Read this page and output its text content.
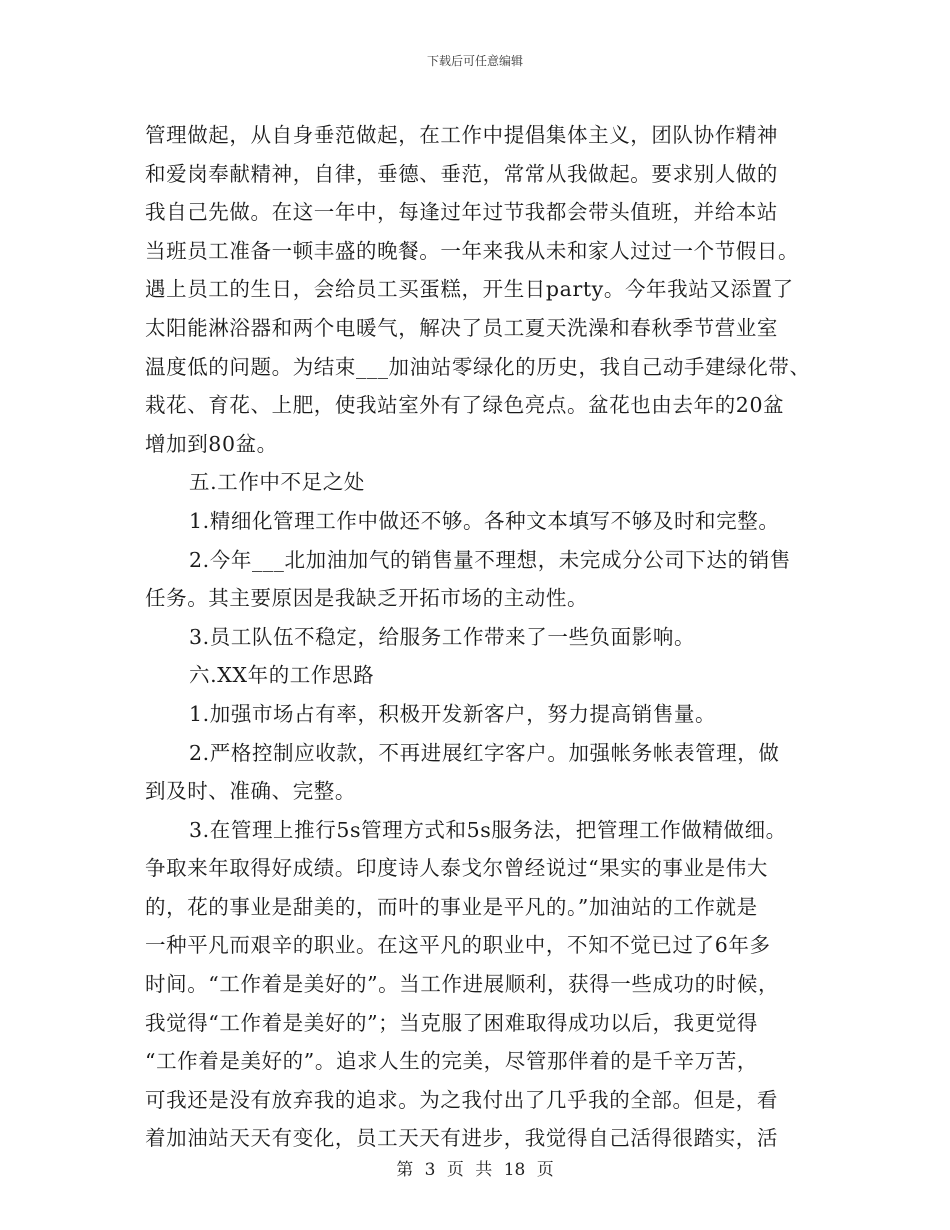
下载后可任意编辑
管理做起，从自身垂范做起，在工作中提倡集体主义，团队协作精神
和爱岗奉献精神，自律，垂德、垂范，常常从我做起。要求别人做的
我自己先做。在这一年中，每逢过年过节我都会带头值班，并给本站
当班员工准备一顿丰盛的晚餐。一年来我从未和家人过过一个节假日。
遇上员工的生日，会给员工买蛋糕，开生日party。今年我站又添置了
太阳能淋浴器和两个电暖气，解决了员工夏天洗澡和春秋季节营业室
温度低的问题。为结束___加油站零绿化的历史，我自己动手建绿化带、
栽花、育花、上肥，使我站室外有了绿色亮点。盆花也由去年的20盆
增加到80盆。
五.工作中不足之处
1.精细化管理工作中做还不够。各种文本填写不够及时和完整。
2.今年___北加油加气的销售量不理想，未完成分公司下达的销售
任务。其主要原因是我缺乏开拓市场的主动性。
3.员工队伍不稳定，给服务工作带来了一些负面影响。
六.XX年的工作思路
1.加强市场占有率，积极开发新客户，努力提高销售量。
2.严格控制应收款，不再进展红字客户。加强帐务帐表管理，做
到及时、准确、完整。
3.在管理上推行5s管理方式和5s服务法，把管理工作做精做细。
争取来年取得好成绩。印度诗人泰戈尔曾经说过“果实的事业是伟大
的，花的事业是甜美的，而叶的事业是平凡的。”加油站的工作就是
一种平凡而艰辛的职业。在这平凡的职业中，不知不觉已过了6年多
时间。“工作着是美好的”。当工作进展顺利，获得一些成功的时候，
我觉得“工作着是美好的”；当克服了困难取得成功以后，我更觉得
“工作着是美好的”。追求人生的完美，尽管那伴着的是千辛万苦，
可我还是没有放弃我的追求。为之我付出了几乎我的全部。但是，看
着加油站天天有变化，员工天天有进步，我觉得自己活得很踏实，活
第 3 页 共 18 页
